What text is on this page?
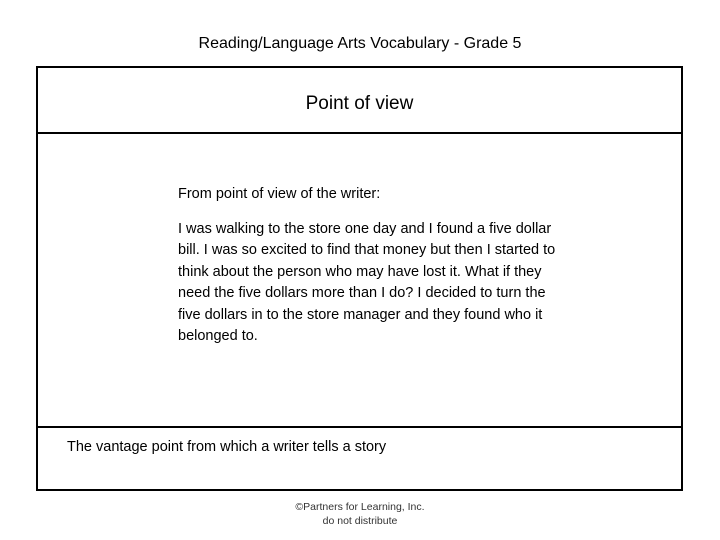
Reading/Language Arts Vocabulary - Grade 5
Point of view

From point of view of the writer:

I was walking to the store one day and I found a five dollar bill. I was so excited to find that money but then I started to think about the person who may have lost it. What if they need the five dollars more than I do? I decided to turn the five dollars in to the store manager and they found who it belonged to.

The vantage point from which a writer tells a story
©Partners for Learning, Inc.
do not distribute
